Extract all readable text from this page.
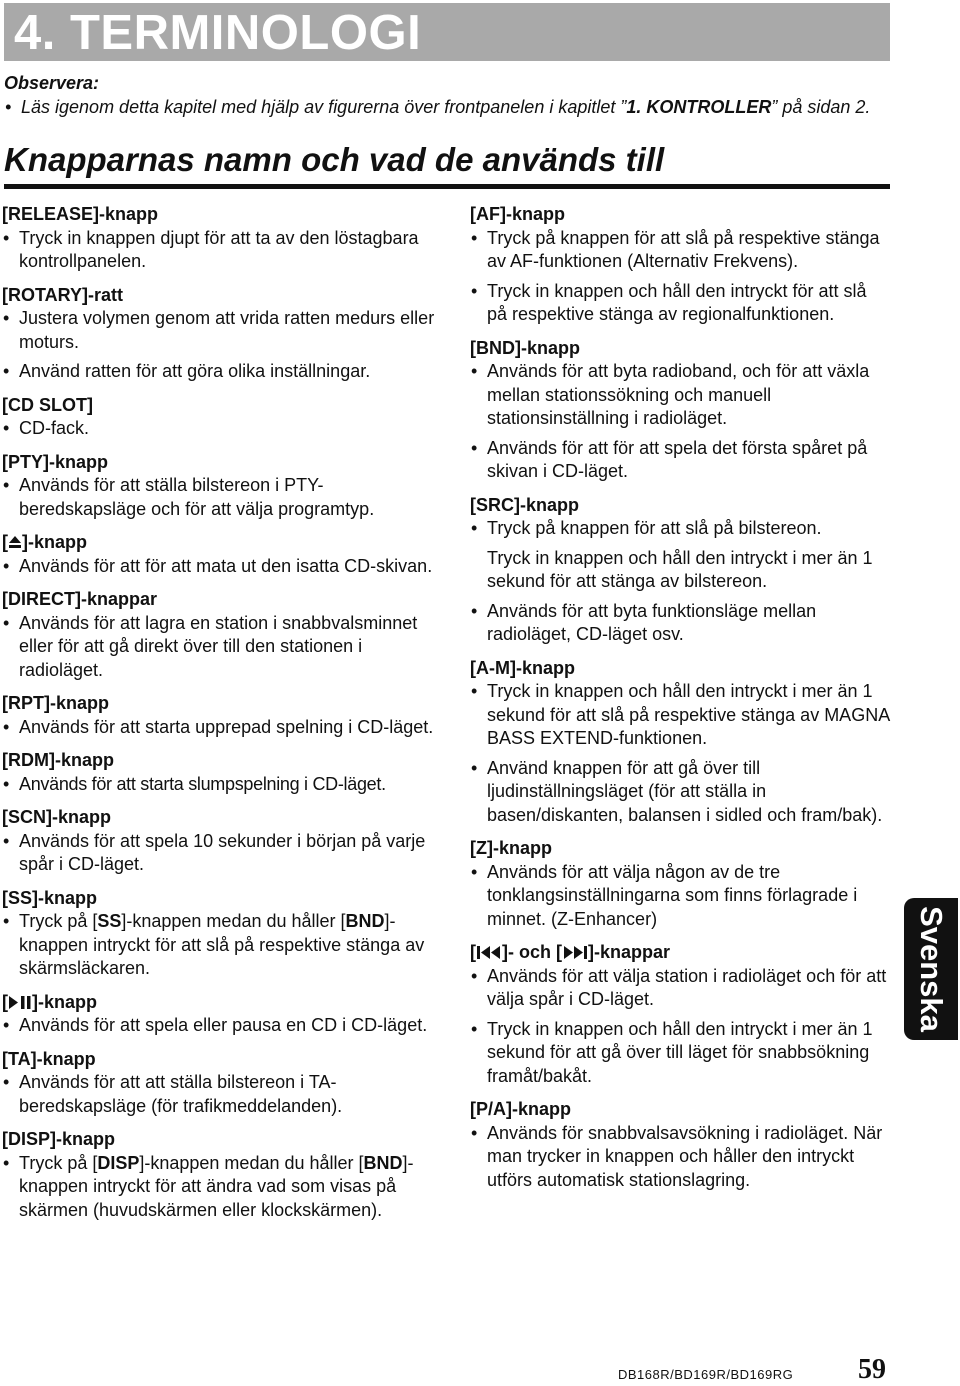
4. TERMINOLOGI
Observera:
• Läs igenom detta kapitel med hjälp av figurerna över frontpanelen i kapitlet ”1. KONTROLLER” på sidan 2.
Knapparnas namn och vad de används till
[RELEASE]-knapp
• Tryck in knappen djupt för att ta av den löstagbara kontrollpanelen.
[ROTARY]-ratt
• Justera volymen genom att vrida ratten medurs eller moturs.
• Använd ratten för att göra olika inställningar.
[CD SLOT]
• CD-fack.
[PTY]-knapp
• Används för att ställa bilstereon i PTY-beredskapsläge och för att välja programtyp.
[ ]-knapp
• Används för att för att mata ut den isatta CD-skivan.
[DIRECT]-knappar
• Används för att lagra en station i snabbvalsminnet eller för att gå direkt över till den stationen i radioläget.
[RPT]-knapp
• Används för att starta upprepad spelning i CD-läget.
[RDM]-knapp
• Används för att starta slumpspelning i CD-läget.
[SCN]-knapp
• Används för att spela 10 sekunder i början på varje spår i CD-läget.
[SS]-knapp
• Tryck på [SS]-knappen medan du håller [BND]-knappen intryckt för att slå på respektive stänga av skärmsläckaren.
[ ]-knapp
• Används för att spela eller pausa en CD i CD-läget.
[TA]-knapp
• Används för att att ställa bilstereon i TA-beredskapsläge (för trafikmeddelanden).
[DISP]-knapp
• Tryck på [DISP]-knappen medan du håller [BND]-knappen intryckt för att ändra vad som visas på skärmen (huvudskärmen eller klockskärmen).
[AF]-knapp
• Tryck på knappen för att slå på respektive stänga av AF-funktionen (Alternativ Frekvens).
• Tryck in knappen och håll den intryckt för att slå på respektive stänga av regionalfunktionen.
[BND]-knapp
• Används för att byta radioband, och för att växla mellan stationssökning och manuell stationsinställning i radioläget.
• Används för att för att spela det första spåret på skivan i CD-läget.
[SRC]-knapp
• Tryck på knappen för att slå på bilstereon.
Tryck in knappen och håll den intryckt i mer än 1 sekund för att stänga av bilstereon.
• Används för att byta funktionsläge mellan radioläget, CD-läget osv.
[A-M]-knapp
• Tryck in knappen och håll den intryckt i mer än 1 sekund för att slå på respektive stänga av MAGNA BASS EXTEND-funktionen.
• Använd knappen för att gå över till ljudinställningsläget (för att ställa in basen/diskanten, balansen i sidled och fram/bak).
[Z]-knapp
• Används för att välja någon av de tre tonklangsinställningarna som finns förlagrade i minnet. (Z-Enhancer)
[ ]- och [ ]-knappar
• Används för att välja station i radioläget och för att välja spår i CD-läget.
• Tryck in knappen och håll den intryckt i mer än 1 sekund för att gå över till läget för snabbsökning framåt/bakåt.
[P/A]-knapp
• Används för snabbvalsavsökning i radioläget. När man trycker in knappen och håller den intryckt utförs automatisk stationslagring.
Svenska
DB168R/BD169R/BD169RG 59
